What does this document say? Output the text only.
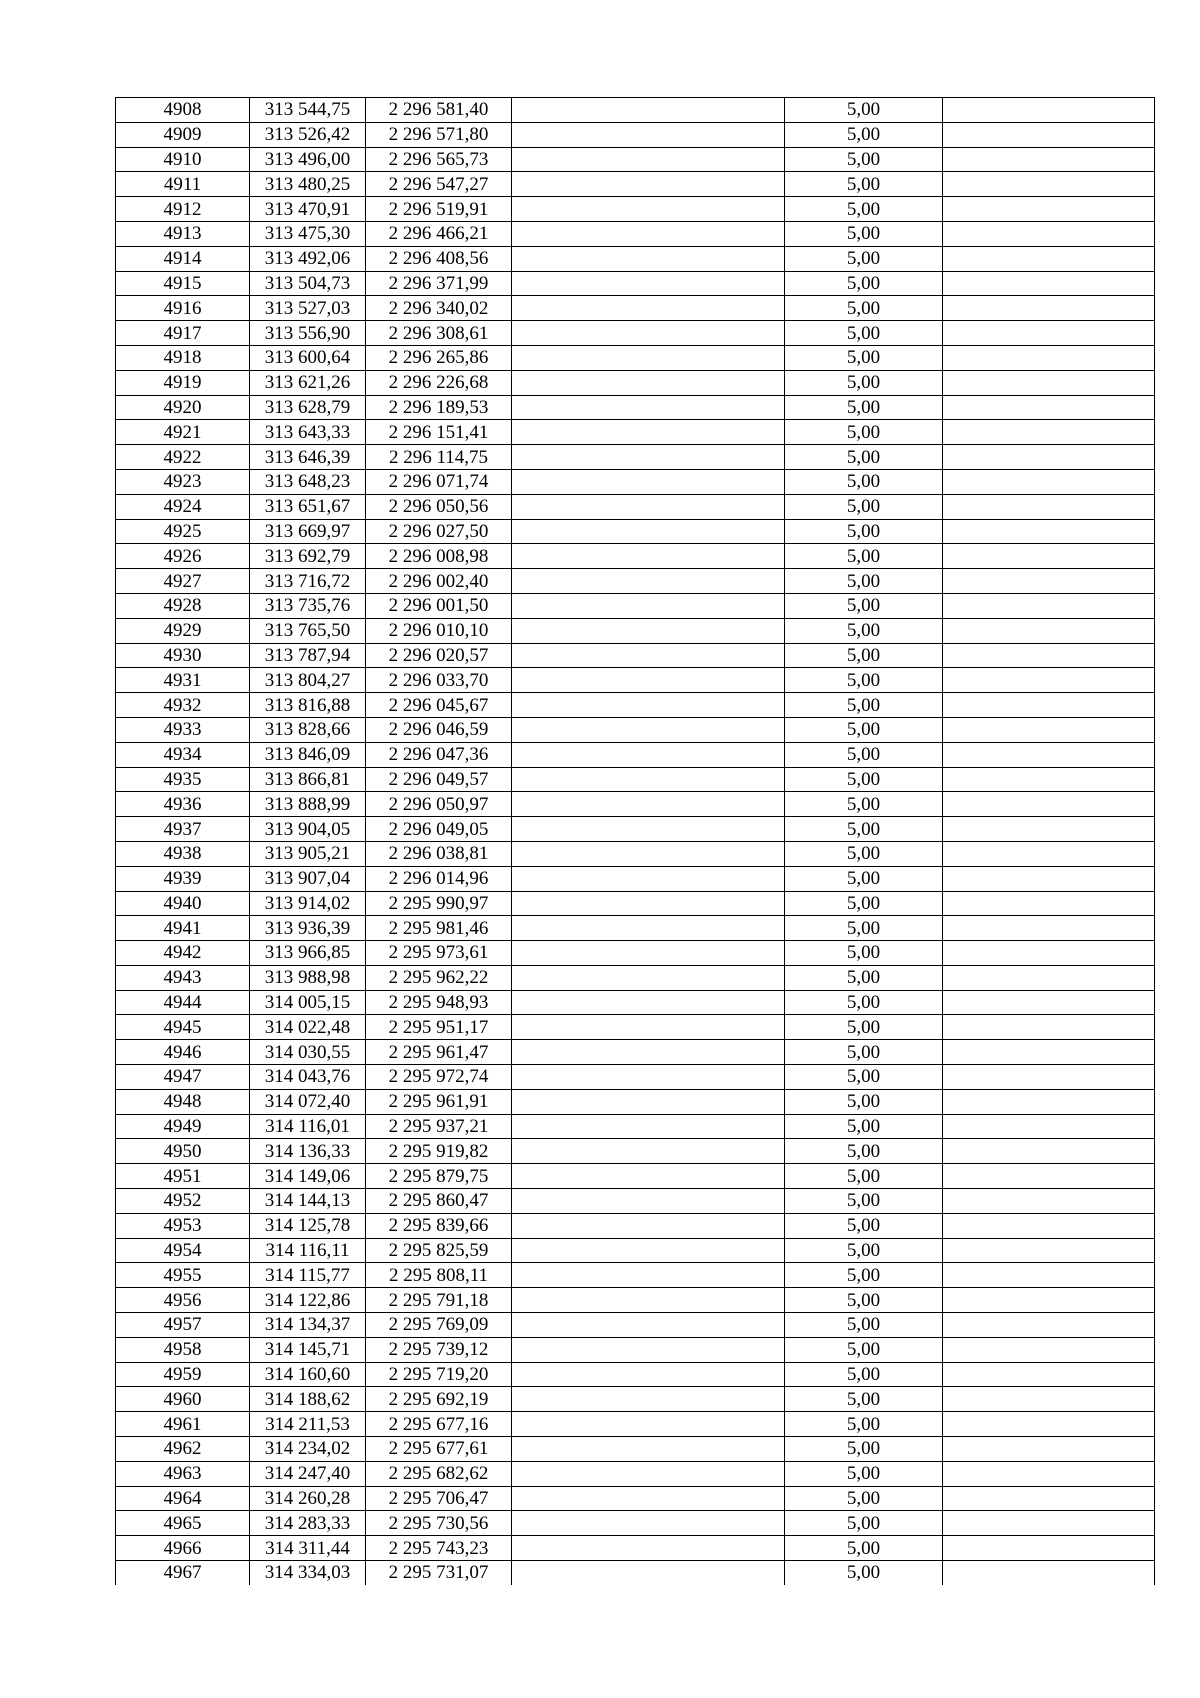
4908	313 544,75	2 296 581,40		5,00	
4909	313 526,42	2 296 571,80		5,00	
4910	313 496,00	2 296 565,73		5,00	
4911	313 480,25	2 296 547,27		5,00	
4912	313 470,91	2 296 519,91		5,00	
4913	313 475,30	2 296 466,21		5,00	
4914	313 492,06	2 296 408,56		5,00	
4915	313 504,73	2 296 371,99		5,00	
4916	313 527,03	2 296 340,02		5,00	
4917	313 556,90	2 296 308,61		5,00	
4918	313 600,64	2 296 265,86		5,00	
4919	313 621,26	2 296 226,68		5,00	
4920	313 628,79	2 296 189,53		5,00	
4921	313 643,33	2 296 151,41		5,00	
4922	313 646,39	2 296 114,75		5,00	
4923	313 648,23	2 296 071,74		5,00	
4924	313 651,67	2 296 050,56		5,00	
4925	313 669,97	2 296 027,50		5,00	
4926	313 692,79	2 296 008,98		5,00	
4927	313 716,72	2 296 002,40		5,00	
4928	313 735,76	2 296 001,50		5,00	
4929	313 765,50	2 296 010,10		5,00	
4930	313 787,94	2 296 020,57		5,00	
4931	313 804,27	2 296 033,70		5,00	
4932	313 816,88	2 296 045,67		5,00	
4933	313 828,66	2 296 046,59		5,00	
4934	313 846,09	2 296 047,36		5,00	
4935	313 866,81	2 296 049,57		5,00	
4936	313 888,99	2 296 050,97		5,00	
4937	313 904,05	2 296 049,05		5,00	
4938	313 905,21	2 296 038,81		5,00	
4939	313 907,04	2 296 014,96		5,00	
4940	313 914,02	2 295 990,97		5,00	
4941	313 936,39	2 295 981,46		5,00	
4942	313 966,85	2 295 973,61		5,00	
4943	313 988,98	2 295 962,22		5,00	
4944	314 005,15	2 295 948,93		5,00	
4945	314 022,48	2 295 951,17		5,00	
4946	314 030,55	2 295 961,47		5,00	
4947	314 043,76	2 295 972,74		5,00	
4948	314 072,40	2 295 961,91		5,00	
4949	314 116,01	2 295 937,21		5,00	
4950	314 136,33	2 295 919,82		5,00	
4951	314 149,06	2 295 879,75		5,00	
4952	314 144,13	2 295 860,47		5,00	
4953	314 125,78	2 295 839,66		5,00	
4954	314 116,11	2 295 825,59		5,00	
4955	314 115,77	2 295 808,11		5,00	
4956	314 122,86	2 295 791,18		5,00	
4957	314 134,37	2 295 769,09		5,00	
4958	314 145,71	2 295 739,12		5,00	
4959	314 160,60	2 295 719,20		5,00	
4960	314 188,62	2 295 692,19		5,00	
4961	314 211,53	2 295 677,16		5,00	
4962	314 234,02	2 295 677,61		5,00	
4963	314 247,40	2 295 682,62		5,00	
4964	314 260,28	2 295 706,47		5,00	
4965	314 283,33	2 295 730,56		5,00	
4966	314 311,44	2 295 743,23		5,00	
4967	314 334,03	2 295 731,07		5,00	
